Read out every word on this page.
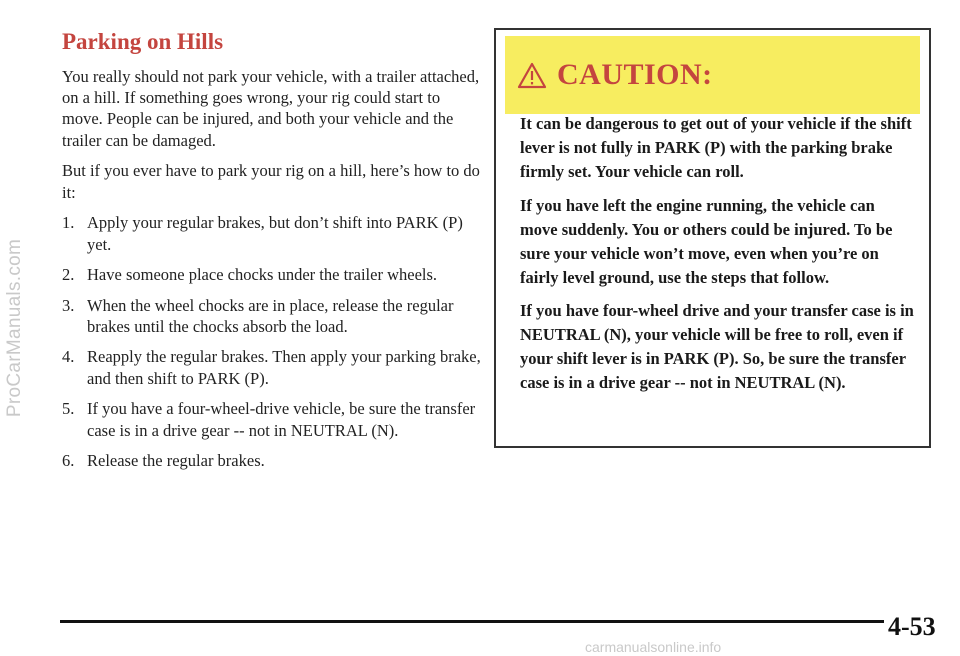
ProCarManuals.com
Parking on Hills

You really should not park your vehicle, with a trailer attached, on a hill. If something goes wrong, your rig could start to move. People can be injured, and both your vehicle and the trailer can be damaged.

But if you ever have to park your rig on a hill, here’s how to do it:

1. Apply your regular brakes, but don’t shift into PARK (P) yet.
2. Have someone place chocks under the trailer wheels.
3. When the wheel chocks are in place, release the regular brakes until the chocks absorb the load.
4. Reapply the regular brakes. Then apply your parking brake, and then shift to PARK (P).
5. If you have a four-wheel-drive vehicle, be sure the transfer case is in a drive gear -- not in NEUTRAL (N).
6. Release the regular brakes.
CAUTION:

It can be dangerous to get out of your vehicle if the shift lever is not fully in PARK (P) with the parking brake firmly set. Your vehicle can roll.

If you have left the engine running, the vehicle can move suddenly. You or others could be injured. To be sure your vehicle won’t move, even when you’re on fairly level ground, use the steps that follow.

If you have four-wheel drive and your transfer case is in NEUTRAL (N), your vehicle will be free to roll, even if your shift lever is in PARK (P). So, be sure the transfer case is in a drive gear -- not in NEUTRAL (N).

4-53
carmanualsonline.info
